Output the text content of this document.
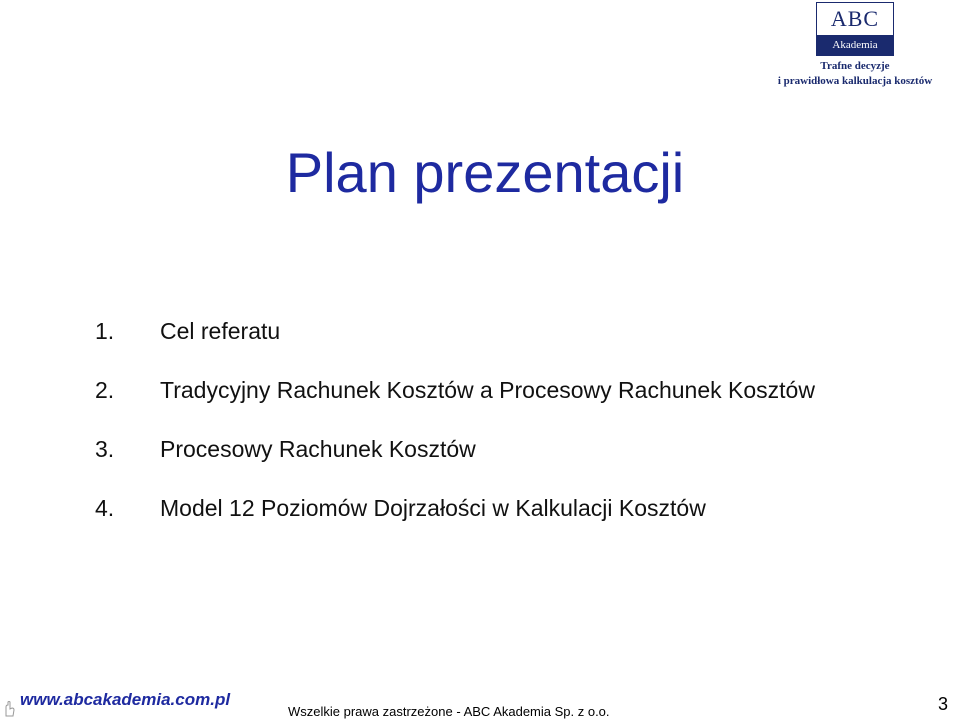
ABC
Akademia
Trafne decyzje
i prawidłowa kalkulacja kosztów
Plan prezentacji
1.	Cel referatu
2.	Tradycyjny Rachunek Kosztów a Procesowy Rachunek Kosztów
3.	Procesowy Rachunek Kosztów
4.	Model 12 Poziomów Dojrzałości w Kalkulacji Kosztów
www.abcakademia.com.pl
Wszelkie prawa zastrzeżone - ABC Akademia Sp. z o.o.	3
